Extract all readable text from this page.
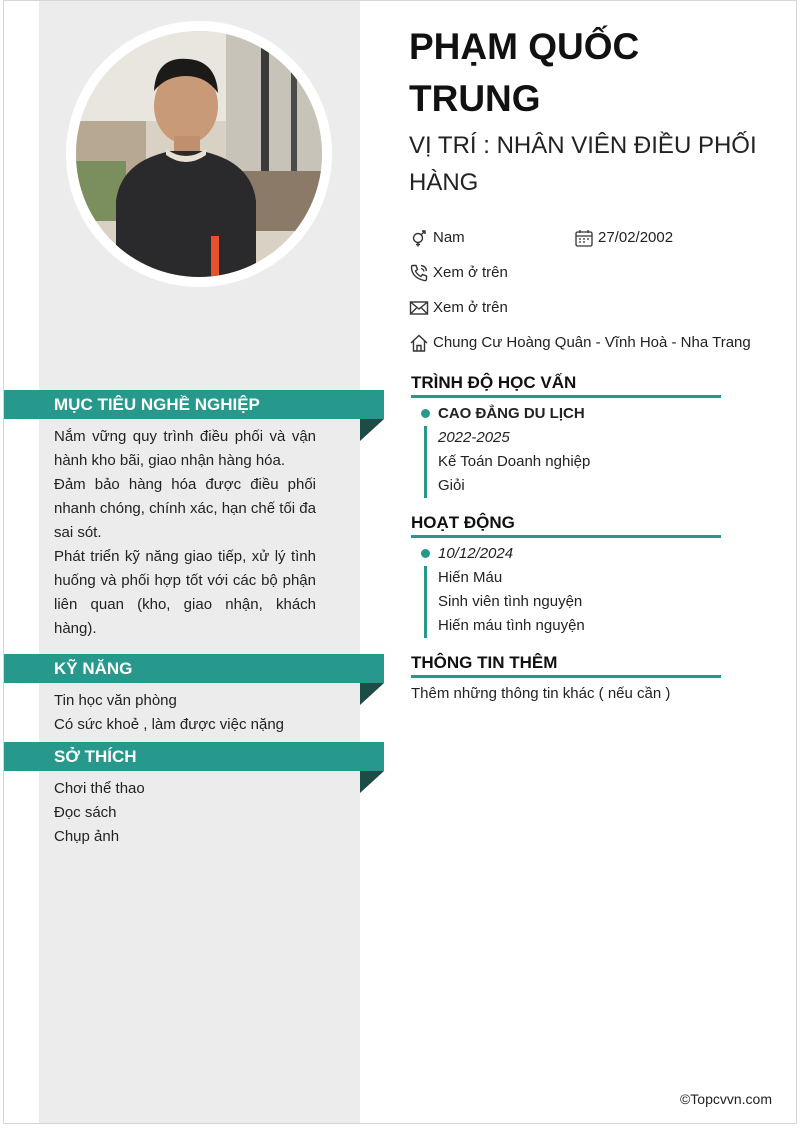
MỤC TIÊU NGHỀ NGHIỆP

Nắm vững quy trình điều phối và vận hành kho bãi, giao nhận hàng hóa.

Đảm bảo hàng hóa được điều phối nhanh chóng, chính xác, hạn chế tối đa sai sót.

Phát triển kỹ năng giao tiếp, xử lý tình huống và phối hợp tốt với các bộ phận liên quan (kho, giao nhận, khách hàng).

KỸ NĂNG

Tin học văn phòng

Có sức khoẻ , làm được việc nặng

SỞ THÍCH

Chơi thể thao

Đọc sách

Chụp ảnh

PHẠM QUỐC TRUNG
VỊ TRÍ : NHÂN VIÊN ĐIỀU PHỐI HÀNG
Nam	27/02/2002
Xem ở trên
Xem ở trên
Chung Cư Hoàng Quân - Vĩnh Hoà - Nha Trang
TRÌNH ĐỘ HỌC VẤN
CAO ĐẲNG DU LỊCH
2022-2025
Kế Toán Doanh nghiệp
Giỏi
HOẠT ĐỘNG
10/12/2024
Hiến Máu
Sinh viên tình nguyện
Hiến máu tình nguyện
THÔNG TIN THÊM
Thêm những thông tin khác ( nếu cần )
©Topcvvn.com
